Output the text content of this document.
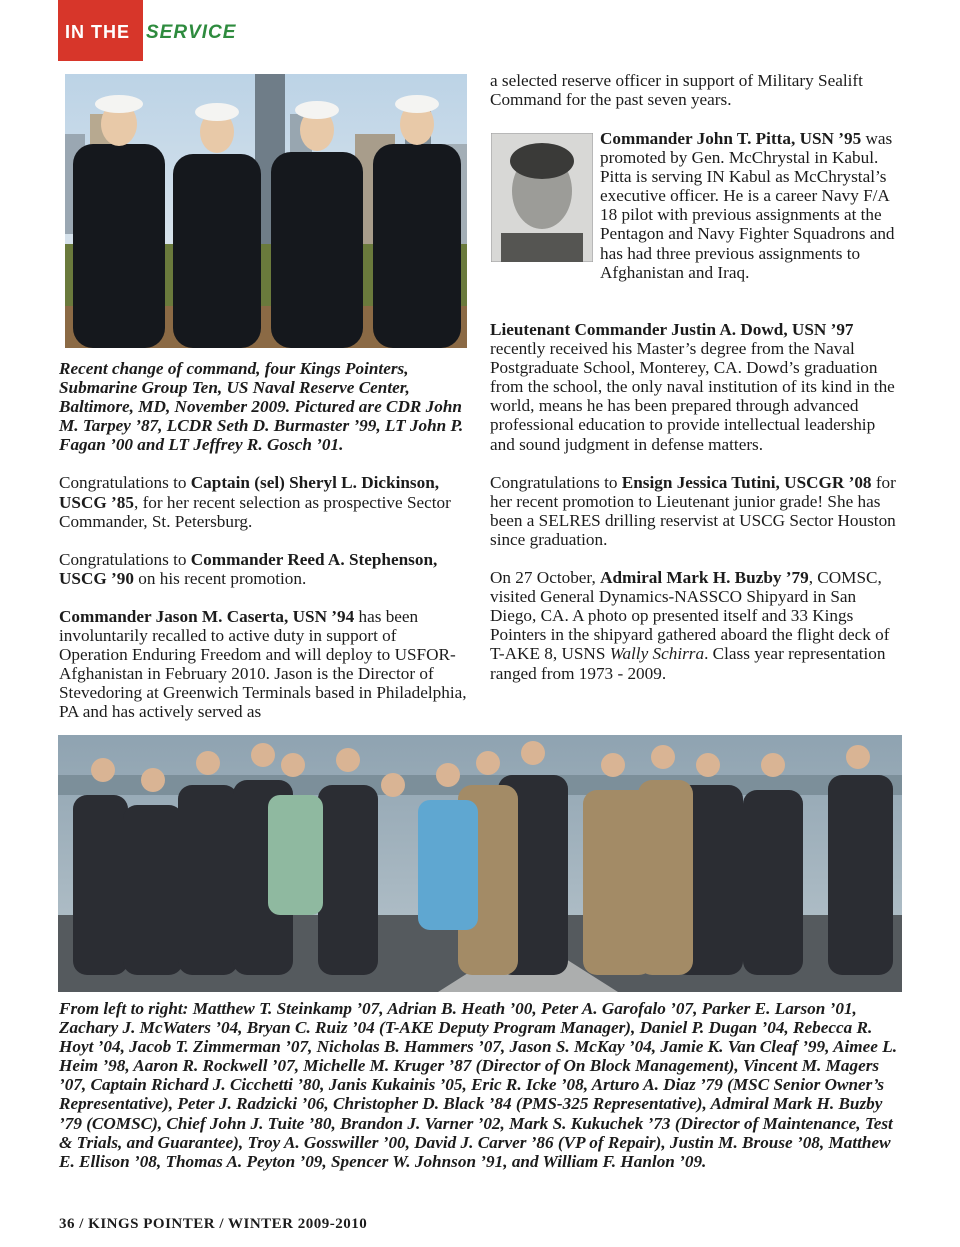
IN THE SERVICE

Recent change of command, four Kings Pointers, Submarine Group Ten, US Naval Reserve Center, Baltimore, MD, November 2009. Pictured are CDR John M. Tarpey ’87, LCDR Seth D. Burmaster ’99, LT John P. Fagan ’00 and LT Jeffrey R. Gosch ’01.

Congratulations to Captain (sel) Sheryl L. Dickinson, USCG ’85, for her recent selection as prospective Sector Commander, St. Petersburg.

Congratulations to Commander Reed A. Stephenson, USCG ’90 on his recent promotion.

Commander Jason M. Caserta, USN ’94 has been involuntarily recalled to active duty in support of Operation Enduring Freedom and will deploy to USFOR-Afghanistan in February 2010. Jason is the Director of Stevedoring at Greenwich Terminals based in Philadelphia, PA and has actively served as

a selected reserve officer in support of Military Sealift Command for the past seven years.

Commander John T. Pitta, USN ’95 was promoted by Gen. McChrystal in Kabul. Pitta is serving IN Kabul as McChrystal’s executive officer. He is a career Navy F/A 18 pilot with previous assignments at the Pentagon and Navy Fighter Squadrons and has had three previous assignments to Afghanistan and Iraq.

Lieutenant Commander Justin A. Dowd, USN ’97 recently received his Master’s degree from the Naval Postgraduate School, Monterey, CA. Dowd’s graduation from the school, the only naval institution of its kind in the world, means he has been prepared through advanced professional education to provide intellectual leadership and sound judgment in defense matters.

Congratulations to Ensign Jessica Tutini, USCGR ’08 for her recent promotion to Lieutenant junior grade! She has been a SELRES drilling reservist at USCG Sector Houston since graduation.

On 27 October, Admiral Mark H. Buzby ’79, COMSC, visited General Dynamics-NASSCO Shipyard in San Diego, CA. A photo op presented itself and 33 Kings Pointers in the shipyard gathered aboard the flight deck of T-AKE 8, USNS Wally Schirra. Class year representation ranged from 1973 - 2009.

From left to right: Matthew T. Steinkamp ’07, Adrian B. Heath ’00, Peter A. Garofalo ’07, Parker E. Larson ’01, Zachary J. McWaters ’04, Bryan C. Ruiz ’04 (T-AKE Deputy Program Manager), Daniel P. Dugan ’04, Rebecca R. Hoyt ’04, Jacob T. Zimmerman ’07, Nicholas B. Hammers ’07, Jason S. McKay ’04, Jamie K. Van Cleaf ’99, Aimee L. Heim ’98, Aaron R. Rockwell ’07, Michelle M. Kruger ’87 (Director of On Block Management), Vincent M. Magers ’07, Captain Richard J. Cicchetti ’80, Janis Kukainis ’05, Eric R. Icke ’08, Arturo A. Diaz ’79 (MSC Senior Owner’s Representative), Peter J. Radzicki ’06, Christopher D. Black ’84 (PMS-325 Representative), Admiral Mark H. Buzby ’79 (COMSC), Chief John J. Tuite ’80, Brandon J. Varner ’02, Mark S. Kukuchek ’73 (Director of Maintenance, Test & Trials, and Guarantee), Troy A. Gosswiller ’00, David J. Carver ’86 (VP of Repair), Justin M. Brouse ’08, Matthew E. Ellison ’08, Thomas A. Peyton ’09, Spencer W. Johnson ’91, and William F. Hanlon ’09.
36 / KINGS POINTER / WINTER 2009-2010
